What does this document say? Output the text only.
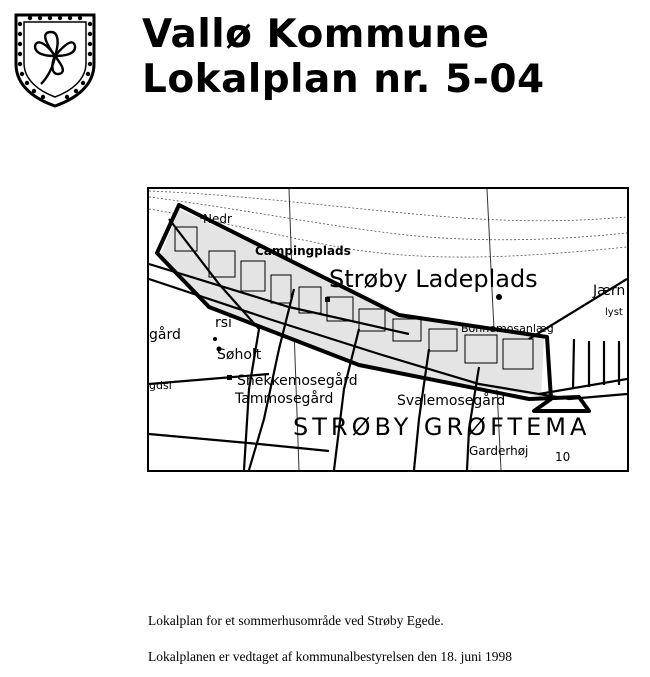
Vallø Kommune
Lokalplan nr. 5-04
Nedr
Campingplads
Strøby Ladeplads	Jærn
lyst
rsi
gård
Søholt
Snekkemosegård
Tammosegård	Svalemosegård
STRØBY GRØFTEMA
Garderhøj 10
Bonnemosanlæg
gdsi
Lokalplan for et sommerhusområde ved Strøby Egede.
Lokalplanen er vedtaget af kommunalbestyrelsen den 18. juni 1998
